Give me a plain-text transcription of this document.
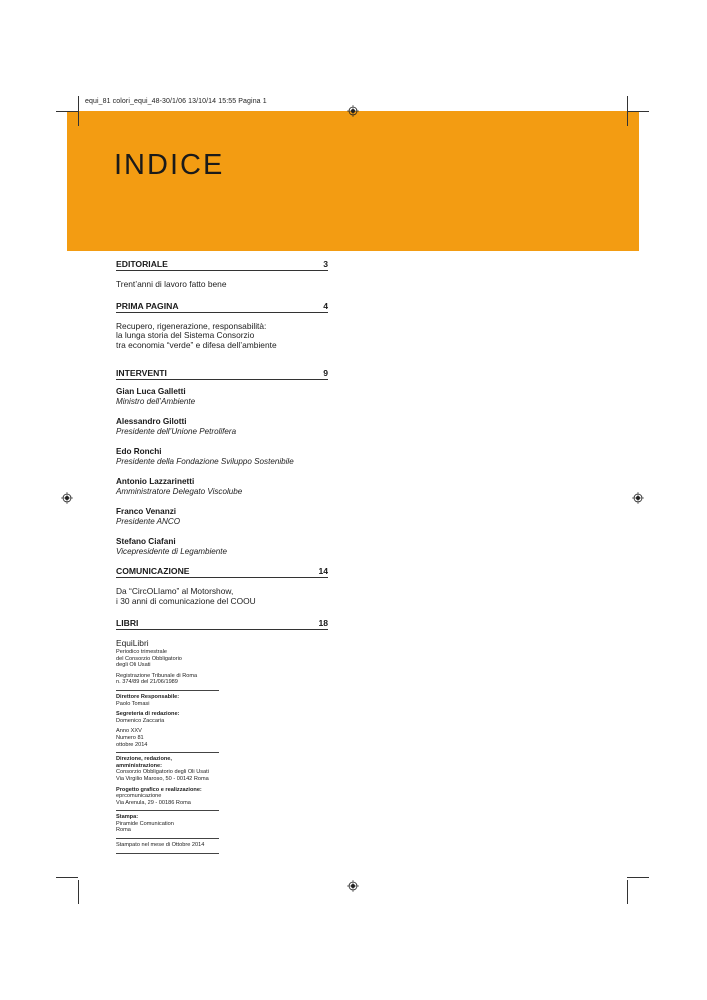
equi_81 colori_equi_48-30/1/06 13/10/14 15:55 Pagina 1
INDICE
EDITORIALE	3
Trent’anni di lavoro fatto bene
PRIMA PAGINA	4
Recupero, rigenerazione, responsabilità:
la lunga storia del Sistema Consorzio
tra economia “verde” e difesa dell’ambiente
INTERVENTI	9
Gian Luca Galletti
Ministro dell’Ambiente
Alessandro Gilotti
Presidente dell’Unione Petrolifera
Edo Ronchi
Presidente della Fondazione Sviluppo Sostenibile
Antonio Lazzarinetti
Amministratore Delegato Viscolube
Franco Venanzi
Presidente ANCO
Stefano Ciafani
Vicepresidente di Legambiente
COMUNICAZIONE	14
Da “CircOLIamo” al Motorshow,
i 30 anni di comunicazione del COOU
LIBRI	18
EquiLibri
Periodico trimestrale
del Consorzio Obbligatorio
degli Oli Usati
Registrazione Tribunale di Roma
n. 374/89 del 21/06/1989
Direttore Responsabile:
Paolo Tomasi
Segreteria di redazione:
Domenico Zaccaria
Anno XXV
Numero 81
ottobre 2014
Direzione, redazione, amministrazione:
Consorzio Obbligatorio degli Oli Usati
Via Virgilio Maroso, 50 - 00142 Roma
Progetto grafico e realizzazione:
eprcomunicazione
Via Arenula, 29 - 00186 Roma
Stampa:
Piramide Comunication
Roma
Stampato nel mese di Ottobre 2014
